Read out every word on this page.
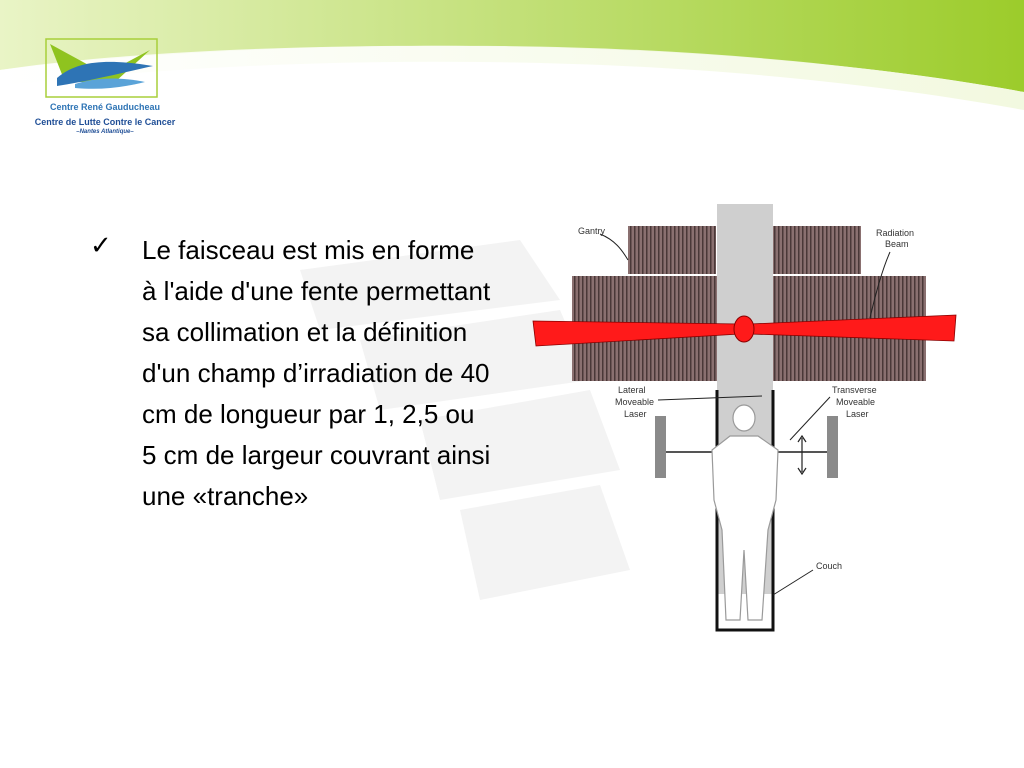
Centre René Gauducheau
Centre de Lutte Contre le Cancer
–Nantes Atlantique–
✓ Le faisceau est mis en forme à l'aide d'une fente permettant sa collimation et la définition d'un champ d’irradiation de 40 cm de longueur par 1, 2,5 ou 5 cm de largeur couvrant ainsi une «tranche»
Gantry	Radiation
Beam
Lateral
Moveable
Laser
Transverse
Moveable
Laser
Couch
